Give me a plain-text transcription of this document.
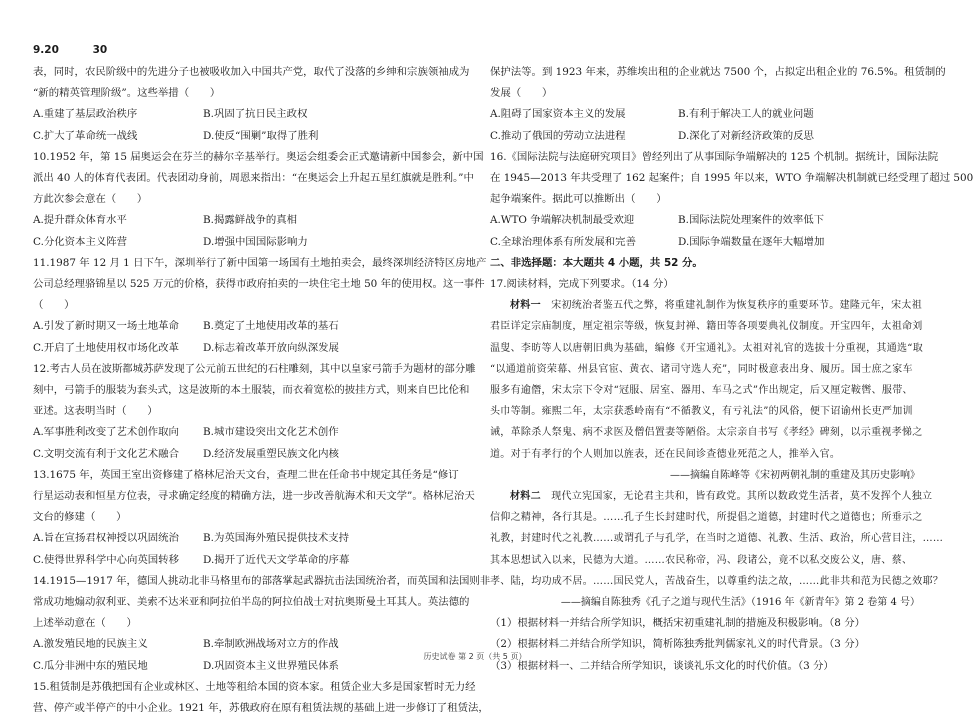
9.20	30
表，同时，农民阶级中的先进分子也被吸收加入中国共产党，取代了没落的乡绅和宗族领袖成为
“新的精英管理阶级”。这些举措（　　）
A.重建了基层政治秩序	B.巩固了抗日民主政权
C.扩大了革命统一战线	D.使反“围剿”取得了胜利
10.1952 年，第 15 届奥运会在芬兰的赫尔辛基举行。奥运会组委会正式邀请新中国参会，新中国
派出 40 人的体育代表团。代表团动身前，周恩来指出：“在奥运会上升起五星红旗就是胜利。”中
方此次参会意在（　　）
A.提升群众体育水平	B.揭露鲜战争的真相
C.分化资本主义阵营	D.增强中国国际影响力
11.1987 年 12 月 1 日下午，深圳举行了新中国第一场国有土地拍卖会，最终深圳经济特区房地产
公司总经理骆锦星以 525 万元的价格，获得市政府拍卖的一块住宅土地 50 年的使用权。这一事件
（　　）
A.引发了新时期又一场土地革命	B.奠定了土地使用改革的基石
C.开启了土地使用权市场化改革	D.标志着改革开放向纵深发展
12.考古人员在波斯都城苏萨发现了公元前五世纪的石柱雕刻，其中以皇家弓箭手为题材的部分雕
刻中，弓箭手的服装为套头式，这是波斯的本土服装，而衣着宽松的披挂方式，则来自巴比伦和
亚述。这表明当时（　　）
A.军事胜利改变了艺术创作取向	B.城市建设突出文化艺术创作
C.文明交流有利于文化艺术融合	D.经济发展重塑民族文化内核
13.1675 年，英国王室出资修建了格林尼治天文台，查理二世在任命书中规定其任务是“修订
行星运动表和恒星方位表，寻求确定经度的精确方法，进一步改善航海术和天文学”。格林尼治天
文台的修建（　　）
A.旨在宣扬君权神授以巩固统治	B.为英国海外殖民提供技术支持
C.使得世界科学中心向英国转移	D.揭开了近代天文学革命的序幕
14.1915—1917 年，德国人挑动北非马格里布的部落掌起武器抗击法国统治者，而英国和法国则非
常成功地煽动叙利亚、美索不达米亚和阿拉伯半岛的阿拉伯战士对抗奥斯曼土耳其人。英法德的
上述举动意在（　　）
A.激发殖民地的民族主义	B.牵制欧洲战场对立方的作战
C.瓜分非洲中东的殖民地	D.巩固资本主义世界殖民体系
15.租赁制是苏俄把国有企业或林区、土地等租给本国的资本家。租赁企业大多是国家暂时无力经
营、停产或半停产的中小企业。1921 年，苏俄政府在原有租赁法规的基础上进一步修订了租赁法，
保护法等。到 1923 年来，苏维埃出租的企业就达 7500 个，占拟定出租企业的 76.5%。租赁制的
发展（　　）
A.阻碍了国家资本主义的发展	B.有利于解决工人的就业问题
C.推动了俄国的劳动立法进程	D.深化了对新经济政策的反思
16.《国际法院与法庭研究项目》曾经列出了从事国际争端解决的 125 个机制。据统计，国际法院
在 1945—2013 年共受理了 162 起案件；自 1995 年以来，WTO 争端解决机制就已经受理了超过 500
起争端案件。据此可以推断出（　　）
A.WTO 争端解决机制最受欢迎	B.国际法院处理案件的效率低下
C.全球治理体系有所发展和完善	D.国际争端数量在逐年大幅增加
二、非选择题：本大题共 4 小题，共 52 分。
17.阅读材料，完成下列要求。（14 分）
材料一　宋初统治者鉴五代之弊，将重建礼制作为恢复秩序的重要环节。建隆元年，宋太祖
君臣详定宗庙制度，厘定祖宗等级，恢复封禅、籍田等各项要典礼仪制度。开宝四年，太祖命刘
温叟、李昉等人以唐朝旧典为基础，编修《开宝通礼》。太祖对礼官的选拔十分重视，其通选“取
“以通道前资荣幕、州县官宦、黄衣、诸司守选人充”，同时极意表出身、履历。国士庶之家车
服多有逾僭，宋太宗下令对“冠服、居室、器用、车马之式”作出规定，后又厘定鞍辔、服带、
头巾等制。雍熙二年，太宗获悉岭南有“不循教义，有亏礼法”的风俗，便下诏谕州长吏严加训
诫，革除杀人祭鬼、病不求医及僧侣置妻等陋俗。太宗亲自书写《孝经》碑刻，以示重视孝悌之
道。对于有孝行的个人则加以旌表，还在民间诊查德业死范之人，推举入官。
——摘编自陈峰等《宋初两朝礼制的重建及其历史影响》
材料二　现代立宪国家，无论君主共和，皆有政党。其所以数政党生活者，莫不发挥个人独立
信仰之精神，各行其是。……孔子生长封建时代，所提倡之道德，封建时代之道德也；所垂示之
礼教，封建时代之礼教……或谓孔子与孔学，在当时之道德、礼教、生活、政治，所心营目注，……
其本思想试入以来，民德为大道。……农民称帝，冯、段诸公，竟不以私交废公义，唐、蔡、
孝、陆，均功成不居。……国民党人，苦战奋生，以尊重约法之故，……此非共和范为民德之效耶？
——摘编自陈独秀《孔子之道与现代生活》（1916 年《新青年》第 2 卷第 4 号）
（1）根据材料一并结合所学知识，概括宋初重建礼制的措施及积极影响。（8 分）
（2）根据材料二并结合所学知识，简析陈独秀批判儒家礼义的时代背景。（3 分）
（3）根据材料一、二并结合所学知识，谈谈礼乐文化的时代价值。（3 分）
历史试卷 第 2 页（共 5 页）
